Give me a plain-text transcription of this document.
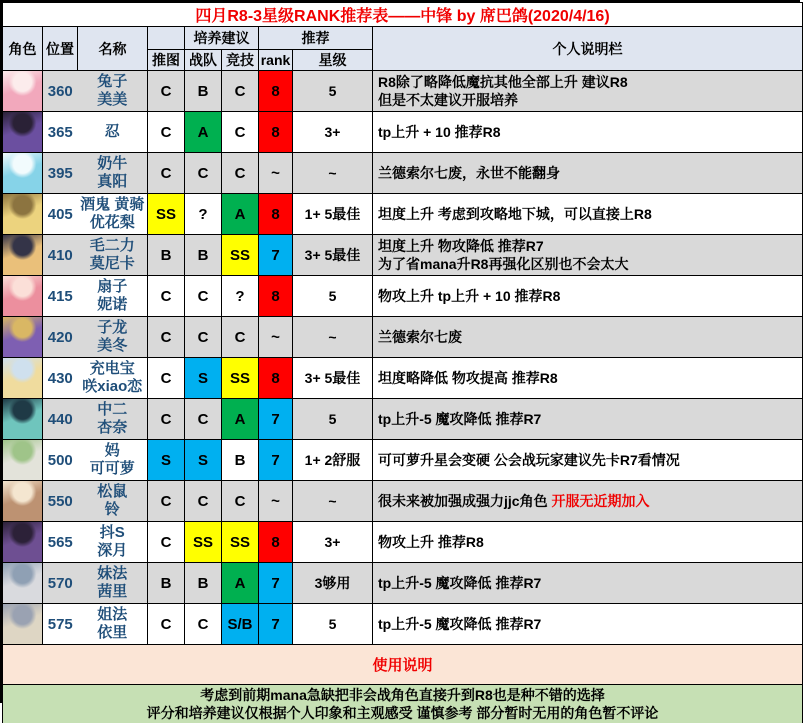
四月R8-3星级RANK推荐表——中锋 by 席巴鸽(2020/4/16)								
角色	位置	名称		培养建议		推荐		个人说明栏
			推图	战队	竞技	rank	星级	

	360	兔子
美美	C	B	C	8	5	R8除了略降低魔抗其他全部上升 建议R8
但是不太建议开服培养

	365	忍	C	A	C	8	3+	tp上升 + 10 推荐R8

	395	奶牛
真阳	C	C	C	~	~	兰德索尔七废，永世不能翻身

	405	酒鬼 黄骑
优花梨	SS	?	A	8	1+ 5最佳	坦度上升 考虑到攻略地下城，可以直接上R8

	410	毛二力
莫尼卡	B	B	SS	7	3+ 5最佳	坦度上升 物攻降低 推荐R7
为了省mana升R8再强化区别也不会太大

	415	扇子
妮诺	C	C	?	8	5	物攻上升 tp上升 + 10 推荐R8

	420	子龙
美冬	C	C	C	~	~	兰德索尔七废

	430	充电宝
咲xiao恋	C	S	SS	8	3+ 5最佳	坦度略降低 物攻提高 推荐R8

	440	中二
杏奈	C	C	A	7	5	tp上升-5 魔攻降低 推荐R7

	500	妈
可可萝	S	S	B	7	1+ 2舒服	可可萝升星会变硬 公会战玩家建议先卡R7看情况

	550	松鼠
铃	C	C	C	~	~	很未来被加强成强力jjc角色 开服无近期加入

	565	抖S
深月	C	SS	SS	8	3+	物攻上升 推荐R8

	570	妹法
茜里	B	B	A	7	3够用	tp上升-5 魔攻降低 推荐R7

	575	姐法
依里	C	C	S/B	7	5	tp上升-5 魔攻降低 推荐R7
使用说明								

考虑到前期mana急缺把非会战角色直接升到R8也是种不错的选择
评分和培养建议仅根据个人印象和主观感受 谨慎参考 部分暂时无用的角色暂不评论								
